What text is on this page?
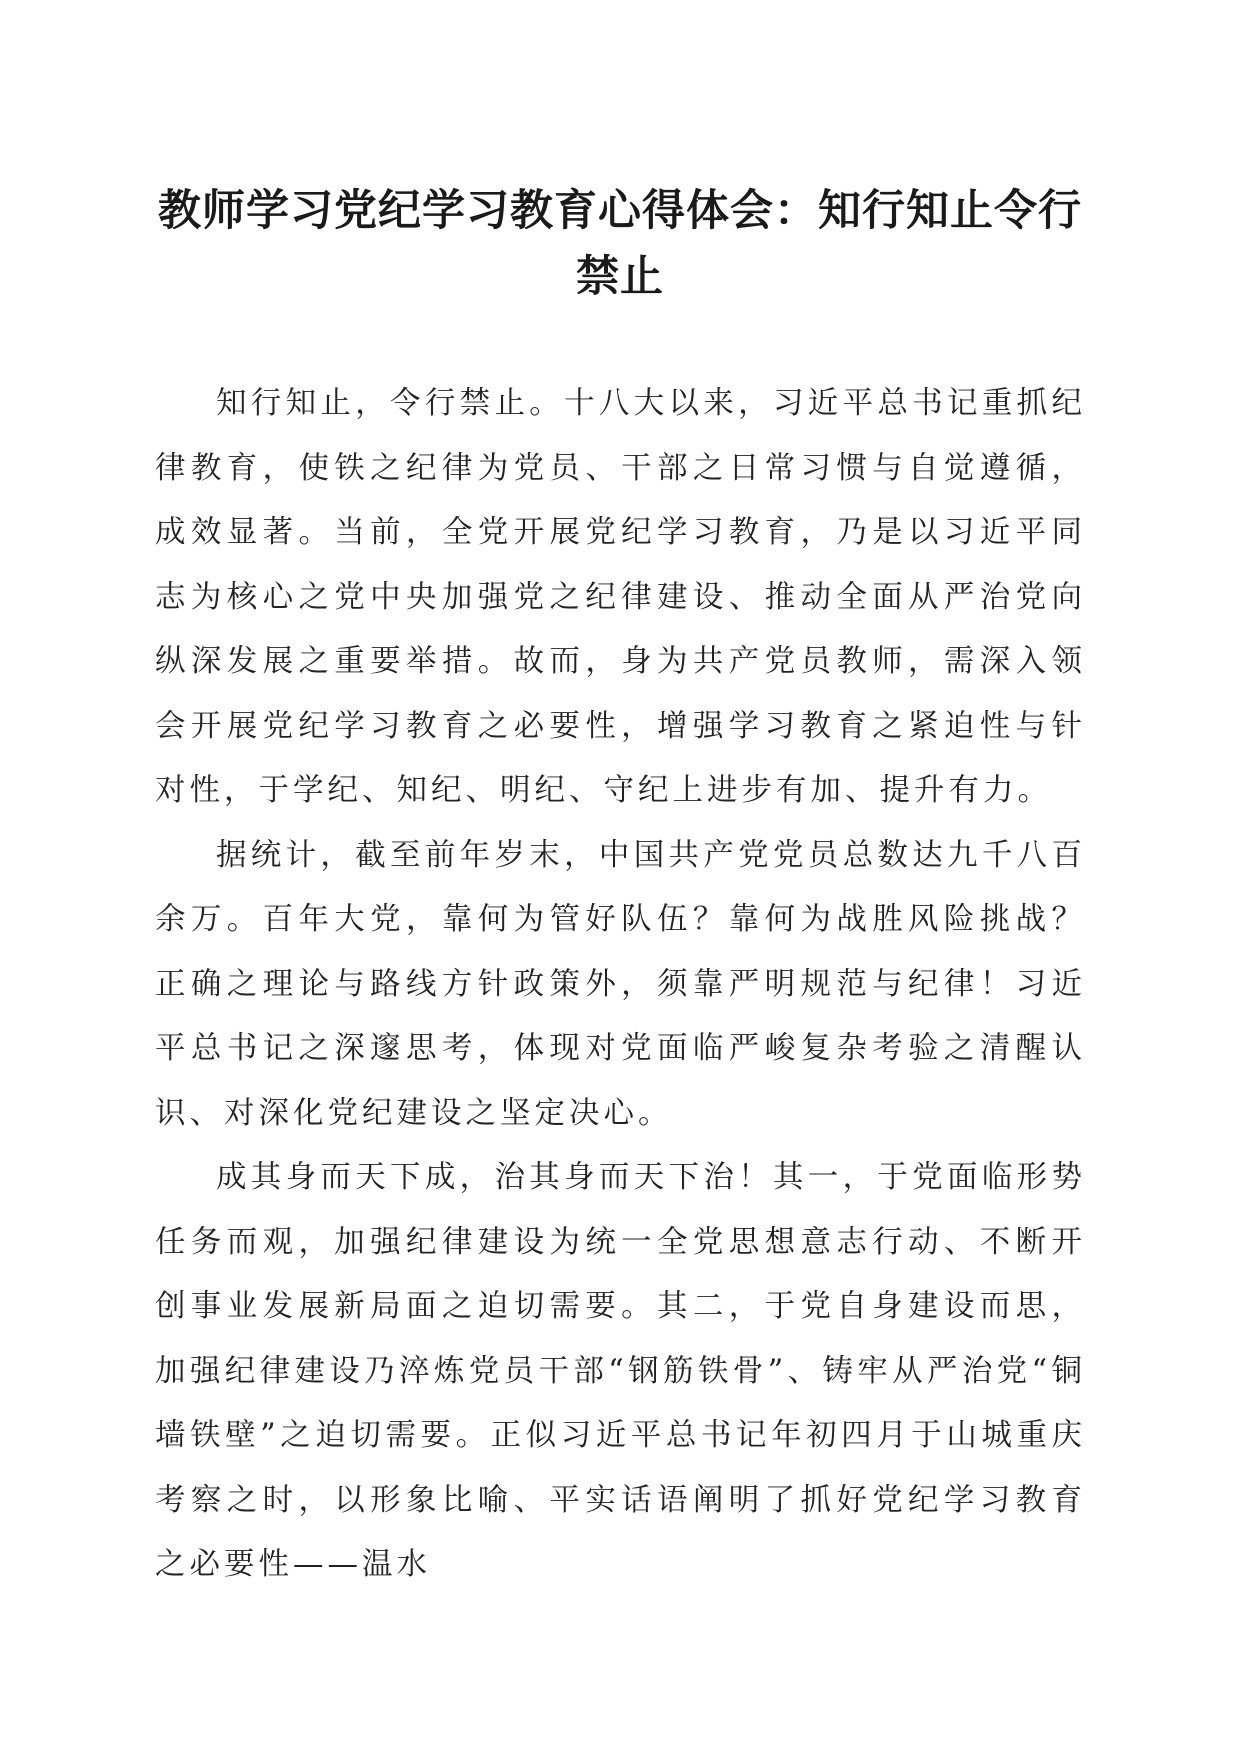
教师学习党纪学习教育心得体会：知行知止令行禁止

知行知止，令行禁止。十八大以来，习近平总书记重抓纪律教育，使铁之纪律为党员、干部之日常习惯与自觉遵循，成效显著。当前，全党开展党纪学习教育，乃是以习近平同志为核心之党中央加强党之纪律建设、推动全面从严治党向纵深发展之重要举措。故而，身为共产党员教师，需深入领会开展党纪学习教育之必要性，增强学习教育之紧迫性与针对性，于学纪、知纪、明纪、守纪上进步有加、提升有力。

据统计，截至前年岁末，中国共产党党员总数达九千八百余万。百年大党，靠何为管好队伍？靠何为战胜风险挑战？正确之理论与路线方针政策外，须靠严明规范与纪律！习近平总书记之深邃思考，体现对党面临严峻复杂考验之清醒认识、对深化党纪建设之坚定决心。

成其身而天下成，治其身而天下治！其一，于党面临形势任务而观，加强纪律建设为统一全党思想意志行动、不断开创事业发展新局面之迫切需要。其二，于党自身建设而思，加强纪律建设乃淬炼党员干部“钢筋铁骨”、铸牢从严治党“铜墙铁壁”之迫切需要。正似习近平总书记年初四月于山城重庆考察之时，以形象比喻、平实话语阐明了抓好党纪学习教育之必要性——温水
